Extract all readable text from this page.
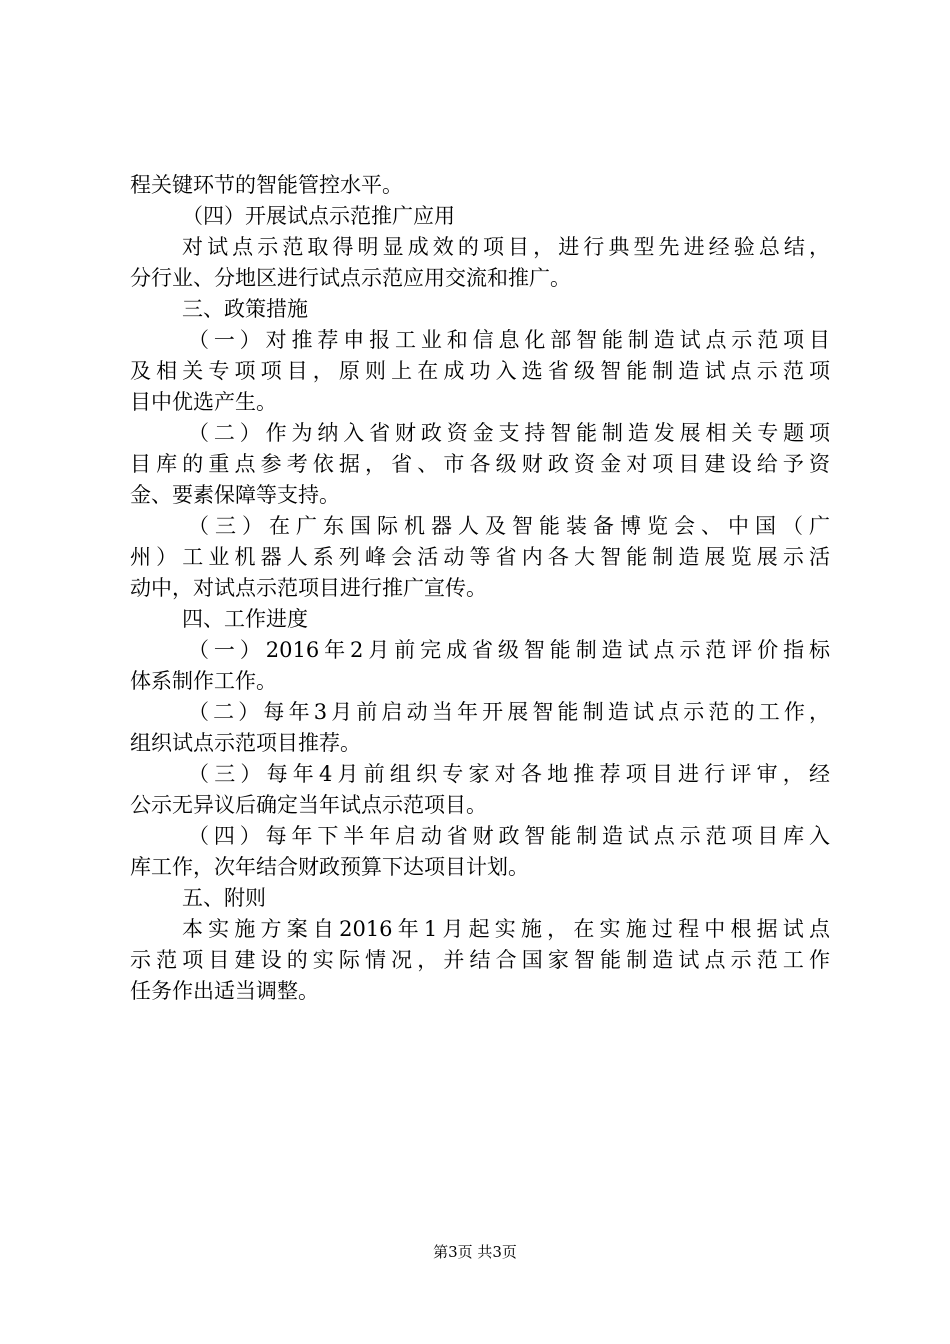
程关键环节的智能管控水平。
（四）开展试点示范推广应用
对试点示范取得明显成效的项目，进行典型先进经验总结，
分行业、分地区进行试点示范应用交流和推广。
三、政策措施
（一）对推荐申报工业和信息化部智能制造试点示范项目
及相关专项项目，原则上在成功入选省级智能制造试点示范项
目中优选产生。
（二）作为纳入省财政资金支持智能制造发展相关专题项
目库的重点参考依据，省、市各级财政资金对项目建设给予资
金、要素保障等支持。
（三）在广东国际机器人及智能装备博览会、中国（广
州）工业机器人系列峰会活动等省内各大智能制造展览展示活
动中，对试点示范项目进行推广宣传。
四、工作进度
（一）2016年2月前完成省级智能制造试点示范评价指标
体系制作工作。
（二）每年3月前启动当年开展智能制造试点示范的工作，
组织试点示范项目推荐。
（三）每年4月前组织专家对各地推荐项目进行评审，经
公示无异议后确定当年试点示范项目。
（四）每年下半年启动省财政智能制造试点示范项目库入
库工作，次年结合财政预算下达项目计划。
五、附则
本实施方案自2016年1月起实施，在实施过程中根据试点
示范项目建设的实际情况，并结合国家智能制造试点示范工作
任务作出适当调整。
第3页 共3页
